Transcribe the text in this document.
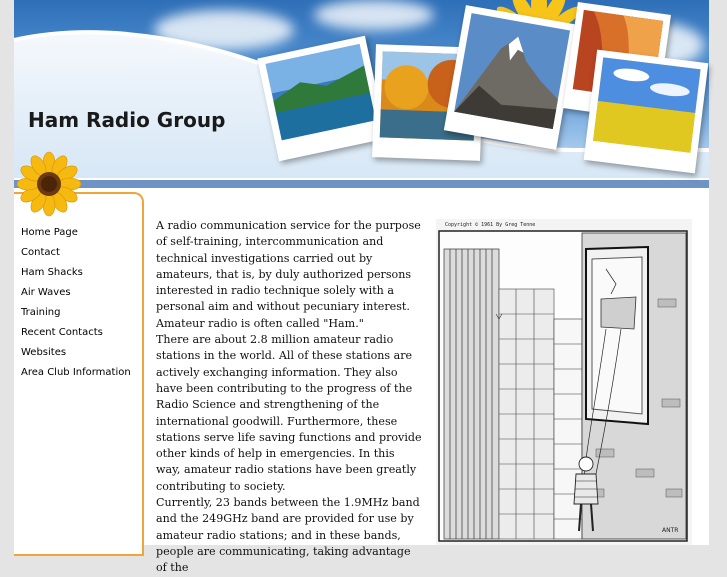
Ham Radio Group
Home Page
Contact
Ham Shacks
Air Waves
Training
Recent Contacts
Websites
Area Club Information

A radio communication service for the purpose of self-training, intercommunication and technical investigations carried out by amateurs, that is, by duly authorized persons interested in radio technique solely with a personal aim and without pecuniary interest. Amateur radio is often called "Ham."

There are about 2.8 million amateur radio stations in the world. All of these stations are actively exchanging information. They also have been contributing to the progress of the Radio Science and strengthening of the international goodwill. Furthermore, these stations serve life saving functions and provide other kinds of help in emergencies. In this way, amateur radio stations have been greatly contributing to society.

Currently, 23 bands between the 1.9MHz band and the 249GHz band are provided for use by amateur radio stations; and in these bands, people are communicating, taking advantage of the

Copyright © 1961 By Greg Tenne
ANTR
